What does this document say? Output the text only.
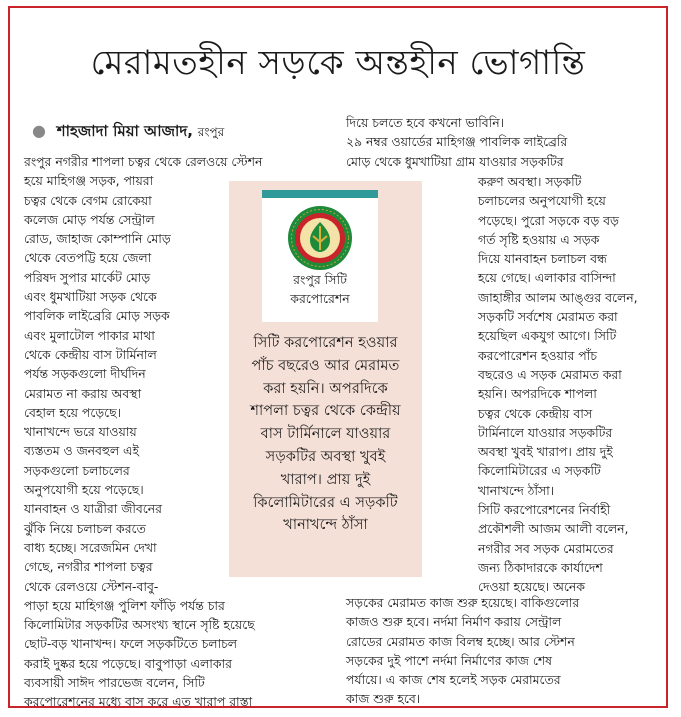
মেরামতহীন সড়কে অন্তহীন ভোগান্তি
● শাহজাদা মিয়া আজাদ, রংপুর
রংপুর নগরীর শাপলা চত্বর থেকে রেলওয়ে স্টেশন
হয়ে মাহিগঞ্জ সড়ক, পায়রা
চত্বর থেকে বেগম রোকেয়া
কলেজ মোড় পর্যন্ত সেন্ট্রাল
রোড, জাহাজ কোম্পানি মোড়
থেকে বেতপট্টি হয়ে জেলা
পরিষদ সুপার মার্কেট মোড়
এবং ধুমখাটিয়া সড়ক থেকে
পাবলিক লাইব্রেরি মোড় সড়ক
এবং মুলাটোল পাকার মাথা
থেকে কেন্দ্রীয় বাস টার্মিনাল
পর্যন্ত সড়কগুলো দীর্ঘদিন
মেরামত না করায় অবস্থা
বেহাল হয়ে পড়েছে।
খানাখন্দে ভরে যাওয়ায়
ব্যস্ততম ও জনবহুল এই
সড়কগুলো চলাচলের
অনুপযোগী হয়ে পড়েছে।
যানবাহন ও যাত্রীরা জীবনের
ঝুঁকি নিয়ে চলাচল করতে
বাধ্য হচ্ছে। সরেজমিন দেখা
গেছে, নগরীর শাপলা চত্বর
থেকে রেলওয়ে স্টেশন-বাবু-
পাড়া হয়ে মাহিগঞ্জ পুলিশ ফাঁড়ি পর্যন্ত চার
কিলোমিটার সড়কটির অসংখ্য স্থানে সৃষ্টি হয়েছে
ছোট-বড় খানাখন্দ। ফলে সড়কটিতে চলাচল
করাই দুষ্কর হয়ে পড়েছে। বাবুপাড়া এলাকার
ব্যবসায়ী সাঈদ পারভেজ বলেন, সিটি
করপোরেশনের মধ্যে বাস করে এত খারাপ রাস্তা
দিয়ে চলতে হবে কখনো ভাবিনি।
২৯ নম্বর ওয়ার্ডের মাহিগঞ্জ পাবলিক লাইব্রেরি
মোড় থেকে ধুমখাটিয়া গ্রাম যাওয়ার সড়কটির
করুণ অবস্থা। সড়কটি
চলাচলের অনুপযোগী হয়ে
পড়েছে। পুরো সড়কে বড় বড়
গর্ত সৃষ্টি হওয়ায় এ সড়ক
দিয়ে যানবাহন চলাচল বন্ধ
হয়ে গেছে। এলাকার বাসিন্দা
জাহাঙ্গীর আলম আঙ্গুর বলেন,
সড়কটি সর্বশেষ মেরামত করা
হয়েছিল একযুগ আগে। সিটি
করপোরেশন হওয়ার পাঁচ
বছরেও এ সড়ক মেরামত করা
হয়নি। অপরদিকে শাপলা
চত্বর থেকে কেন্দ্রীয় বাস
টার্মিনালে যাওয়ার সড়কটির
অবস্থা খুবই খারাপ। প্রায় দুই
কিলোমিটারের এ সড়কটি
খানাখন্দে ঠাঁসা।
সিটি করপোরেশনের নির্বাহী
প্রকৌশলী আজম আলী বলেন,
নগরীর সব সড়ক মেরামতের
জন্য ঠিকাদারকে কার্যাদেশ
দেওয়া হয়েছে। অনেক
সড়কের মেরামত কাজ শুরু হয়েছে। বাকিগুলোর
কাজও শুরু হবে। নর্দমা নির্মাণ করায় সেন্ট্রাল
রোডের মেরামত কাজ বিলম্ব হচ্ছে। আর স্টেশন
সড়কের দুই পাশে নর্দমা নির্মাণের কাজ শেষ
পর্যায়ে। এ কাজ শেষ হলেই সড়ক মেরামতের
কাজ শুরু হবে।
রংপুর সিটি
করপোরেশন
সিটি করপোরেশন হওয়ার
পাঁচ বছরেও আর মেরামত
করা হয়নি। অপরদিকে
শাপলা চত্বর থেকে কেন্দ্রীয়
বাস টার্মিনালে যাওয়ার
সড়কটির অবস্থা খুবই
খারাপ। প্রায় দুই
কিলোমিটারের এ সড়কটি
খানাখন্দে ঠাঁসা
